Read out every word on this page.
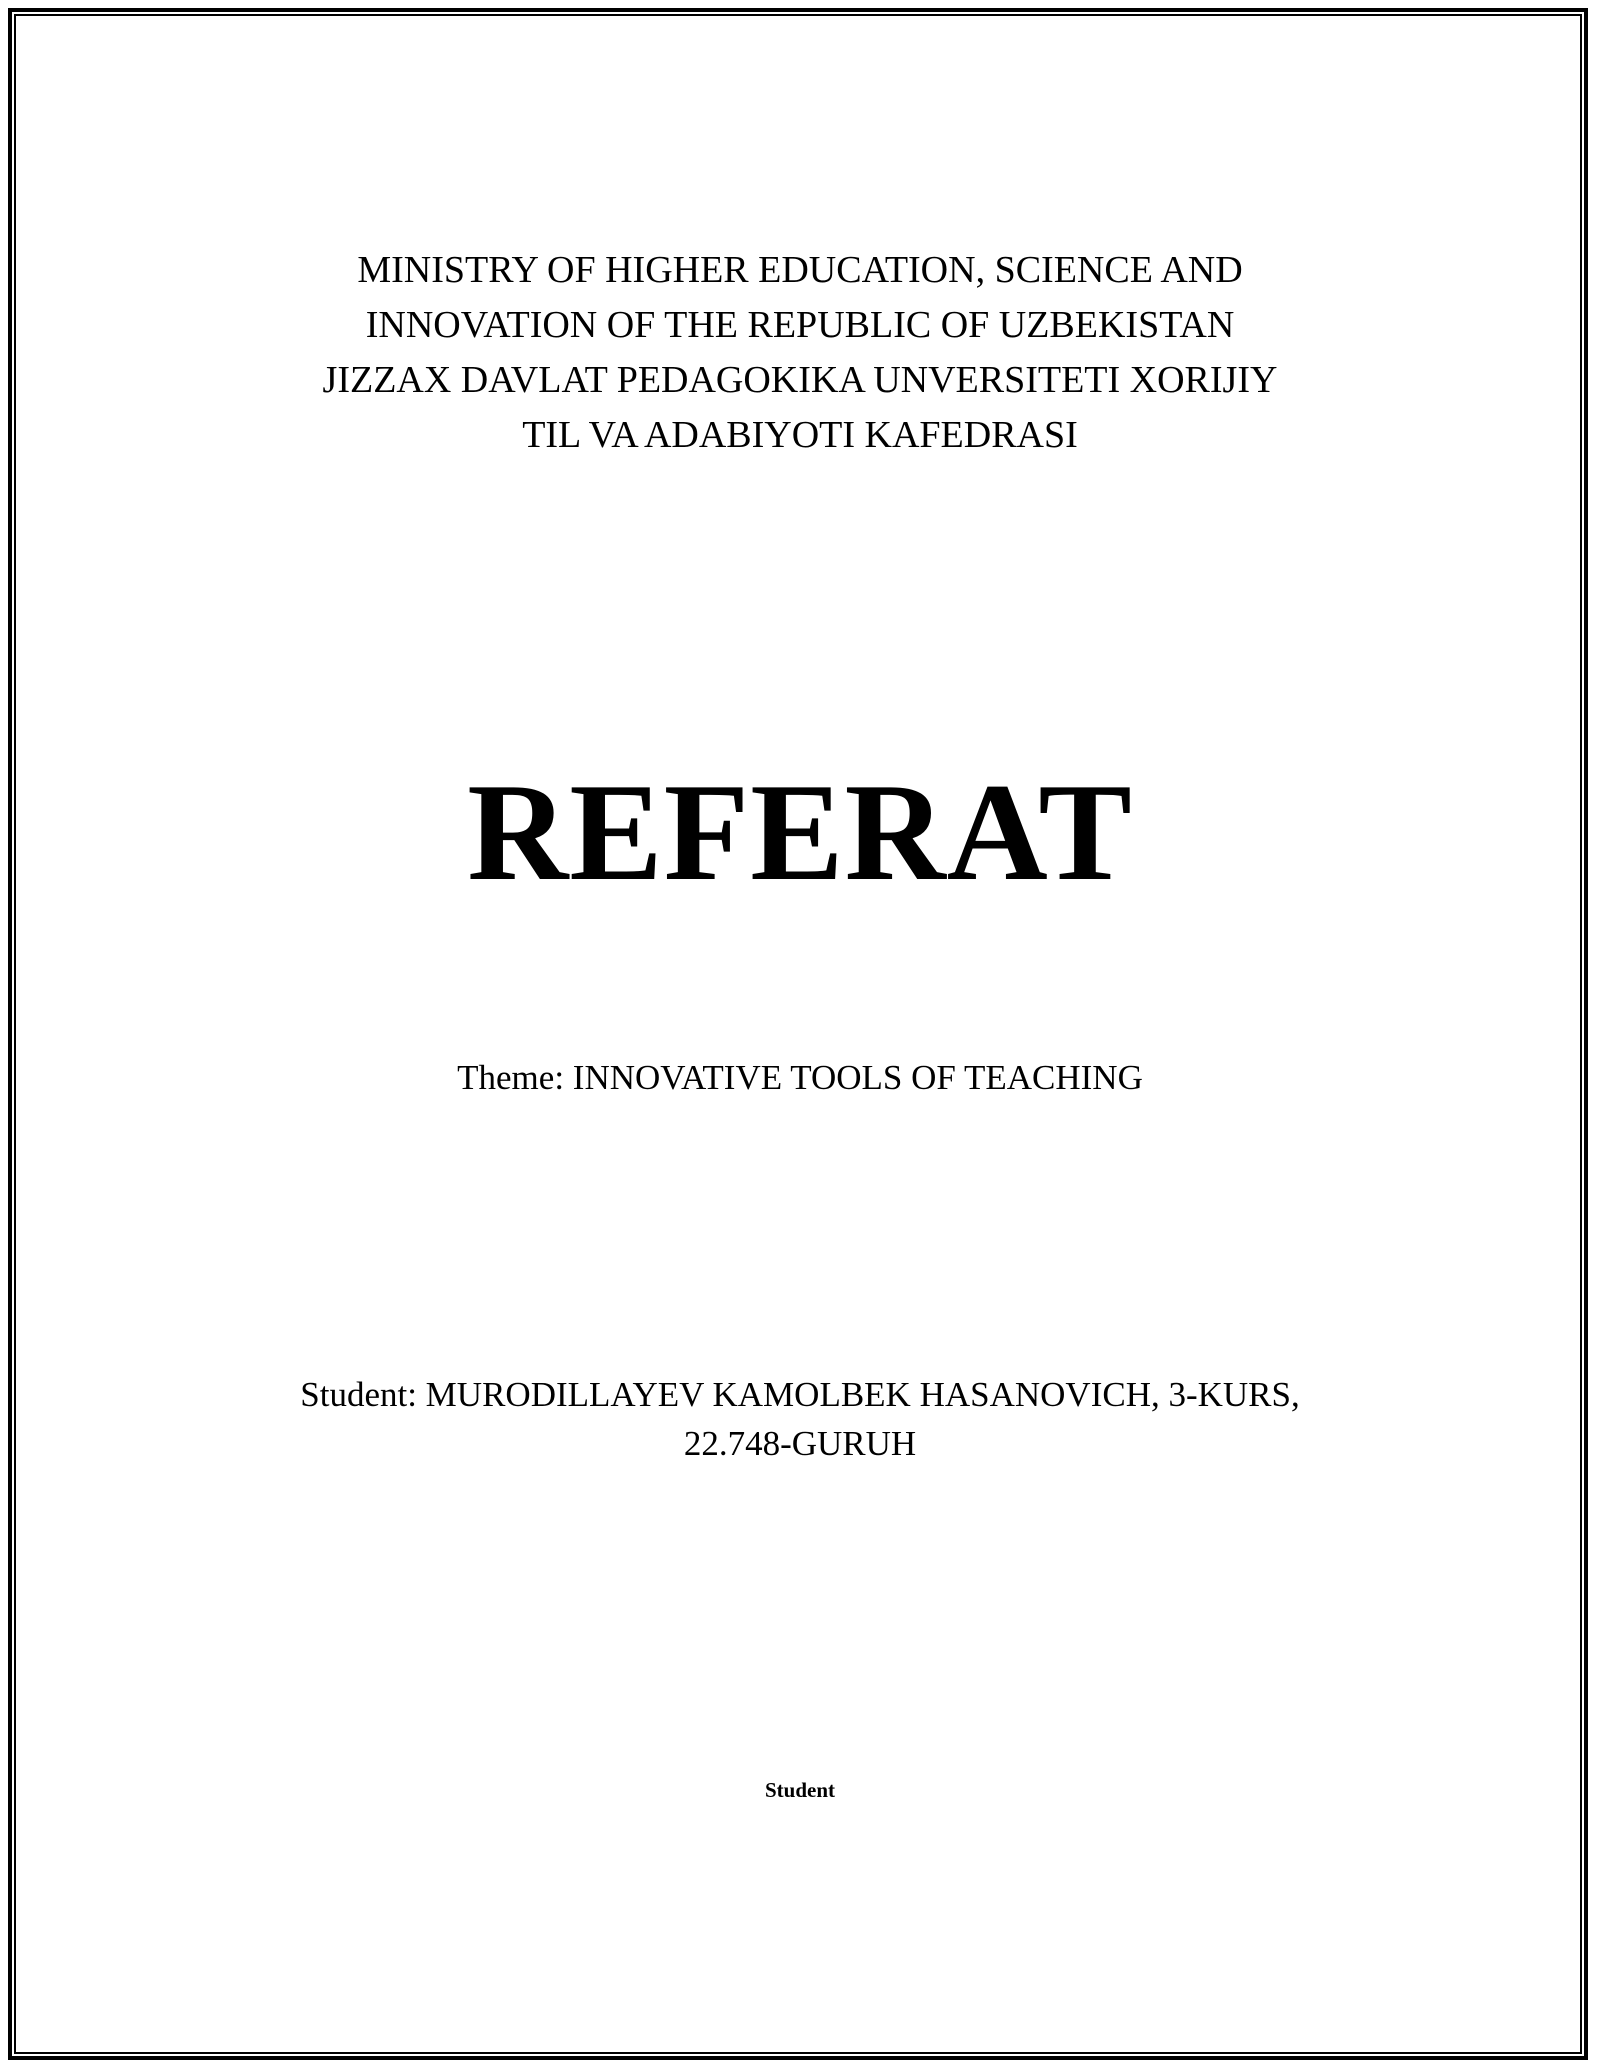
MINISTRY OF HIGHER EDUCATION, SCIENCE AND
INNOVATION OF THE REPUBLIC OF UZBEKISTAN
JIZZAX DAVLAT PEDAGOKIKA UNVERSITETI XORIJIY
TIL VA ADABIYOTI KAFEDRASI
REFERAT
Theme: INNOVATIVE TOOLS OF TEACHING
Student: MURODILLAYEV KAMOLBEK HASANOVICH, 3-KURS,
22.748-GURUH
Student
